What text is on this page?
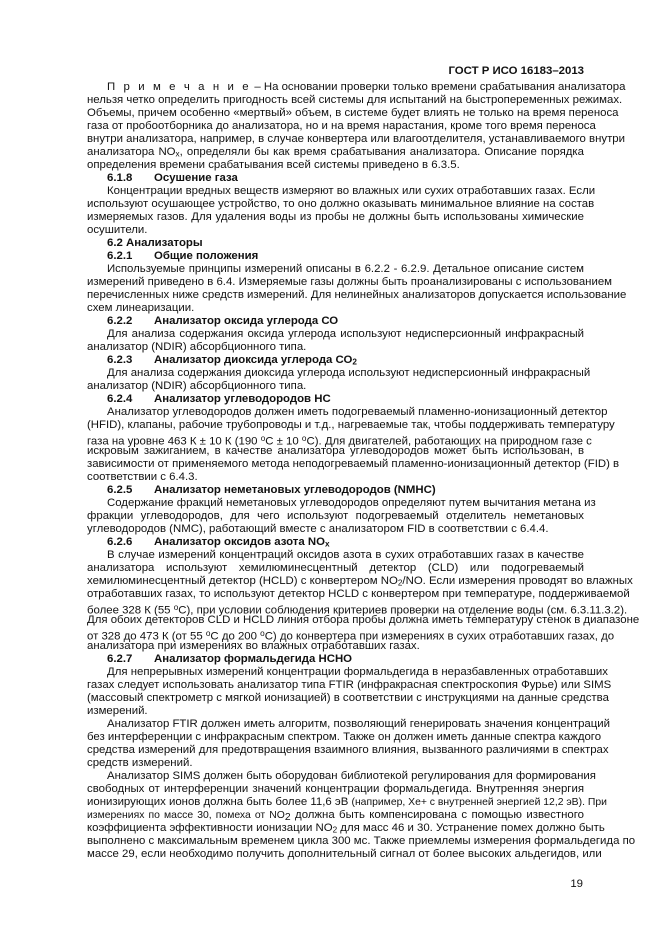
ГОСТ Р ИСО 16183–2013
П р и м е ч а н и е – На основании проверки только времени срабатывания анализатора
нельзя четко определить пригодность всей системы для испытаний на быстропеременных режимах.
Объемы, причем особенно «мертвый» объем, в системе будет влиять не только на время переноса
газа от пробоотборника до анализатора, но и на время нарастания, кроме того время переноса
внутри анализатора, например, в случае конвертера или влагоотделителя, устанавливаемого внутри
анализатора NOx, определяли бы как время срабатывания анализатора. Описание порядка
определения времени срабатывания всей системы приведено в 6.3.5.
6.1.8 Осушение газа
Концентрации вредных веществ измеряют во влажных или сухих отработавших газах. Если
используют осушающее устройство, то оно должно оказывать минимальное влияние на состав
измеряемых газов. Для удаления воды из пробы не должны быть использованы химические
осушители.
6.2 Анализаторы
6.2.1 Общие положения
Используемые принципы измерений описаны в 6.2.2 - 6.2.9. Детальное описание систем
измерений приведено в 6.4. Измеряемые газы должны быть проанализированы с использованием
перечисленных ниже средств измерений. Для нелинейных анализаторов допускается использование
схем линеаризации.
6.2.2 Анализатор оксида углерода СО
Для анализа содержания оксида углерода используют недисперсионный инфракрасный
анализатор (NDIR) абсорбционного типа.
6.2.3 Анализатор диоксида углерода СО2
Для анализа содержания диоксида углерода используют недисперсионный инфракрасный
анализатор (NDIR) абсорбционного типа.
6.2.4 Анализатор углеводородов НС
Анализатор углеводородов должен иметь подогреваемый пламенно-ионизационный детектор
(HFID), клапаны, рабочие трубопроводы и т.д., нагреваемые так, чтобы поддерживать температуру
газа на уровне 463 К ± 10 К (190 $^о$С ± 10 $^о$С). Для двигателей, работающих на природном газе с
искровым зажиганием, в качестве анализатора углеводородов может быть использован, в
зависимости от применяемого метода неподогреваемый пламенно-ионизационный детектор (FID) в
соответствии с 6.4.3.
6.2.5 Анализатор неметановых углеводородов (NMHC)
Содержание фракций неметановых углеводородов определяют путем вычитания метана из
фракции углеводородов, для чего используют подогреваемый отделитель неметановых
углеводородов (NMC), работающий вместе с анализатором FID в соответствии с 6.4.4.
6.2.6 Анализатор оксидов азота NOx
В случае измерений концентраций оксидов азота в сухих отработавших газах в качестве
анализатора используют хемилюминесцентный детектор (CLD) или подогреваемый
хемилюминесцентный детектор (HCLD) с конвертером NO2/NO. Если измерения проводят во влажных
отработавших газах, то используют детектор HCLD с конвертером при температуре, поддерживаемой
более 328 К (55 $^о$С), при условии соблюдения критериев проверки на отделение воды (см. 6.3.11.3.2).
Для обоих детекторов CLD и HCLD линия отбора пробы должна иметь температуру стенок в диапазоне
от 328 до 473 К (от 55 $^о$С до 200 $^о$С) до конвертера при измерениях в сухих отработавших газах, до
анализатора при измерениях во влажных отработавших газах.
6.2.7 Анализатор формальдегида НСНО
Для непрерывных измерений концентрации формальдегида в неразбавленных отработавших
газах следует использовать анализатор типа FTIR (инфракрасная спектроскопия Фурье) или SIMS
(массовый спектрометр с мягкой ионизацией) в соответствии с инструкциями на данные средства
измерений.
Анализатор FTIR должен иметь алгоритм, позволяющий генерировать значения концентраций
без интерференции с инфракрасным спектром. Также он должен иметь данные спектра каждого
средства измерений для предотвращения взаимного влияния, вызванного различиями в спектрах
средств измерений.
Анализатор SIMS должен быть оборудован библиотекой регулирования для формирования
свободных от интерференции значений концентрации формальдегида. Внутренняя энергия
ионизирующих ионов должна быть более 11,6 эВ (например, Хе+ с внутренней энергией 12,2 эВ). При
измерениях по массе 30, помеха от NO2 должна быть компенсирована с помощью известного
коэффициента эффективности ионизации NO2 для масс 46 и 30. Устранение помех должно быть
выполнено с максимальным временем цикла 300 мс. Также приемлемы измерения формальдегида по
массе 29, если необходимо получить дополнительный сигнал от более высоких альдегидов, или
19
